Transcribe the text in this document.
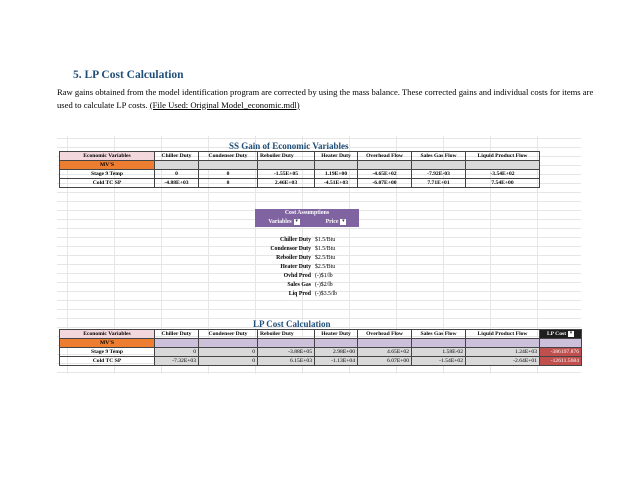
5. LP Cost Calculation
Raw gains obtained from the model identification program are corrected by using the mass balance. These corrected gains and individual costs for items are used to calculate LP costs. (File Used: Original Model_economic.mdl)
SS Gain of Economic Variables
Economic Variables	Chiller Duty	Condenser Duty	Reboiler Duty	Heater Duty	Overhead Flow	Sales Gas Flow	Liquid Product Flow
MV'S							
Stage 9 Temp	0	0	-1.55E+05	1.19E+00	-4.65E+02	-7.92E-03	-3.54E+02
Cold TC SP	-4.88E+03	0	2.46E+03	-4.51E+03	-6.07E+00	7.71E+01	7.54E+00
Cost Assumptions	
Variables ▾	Price ▾

Chiller Duty	$1.5/Btu
Condensor Duty	$1.5/Btu
Reboiler Duty	$2.5/Btu
Heater Duty	$2.5/Btu
Ovhd Prod	(-)$1/lb
Sales Gas	(-)$2/lb
Liq Prod	(-)$3.5/lb
LP Cost Calculation
Economic Variables	Chiller Duty	Condenser Duty	Reboiler Duty	Heater Duty	Overhead Flow	Sales Gas Flow	Liquid Product Flow	LP Cost ▾
MV'S								
Stage 9 Temp	0	0	-3.88E+05	2.98E+00	4.65E+02	1.58E-02	1.24E+03	-386197.876
Cold TC SP	-7.32E+03	0	6.15E+03	-1.13E+04	6.07E+00	-1.54E+02	-2.64E+01	-12611.5684
